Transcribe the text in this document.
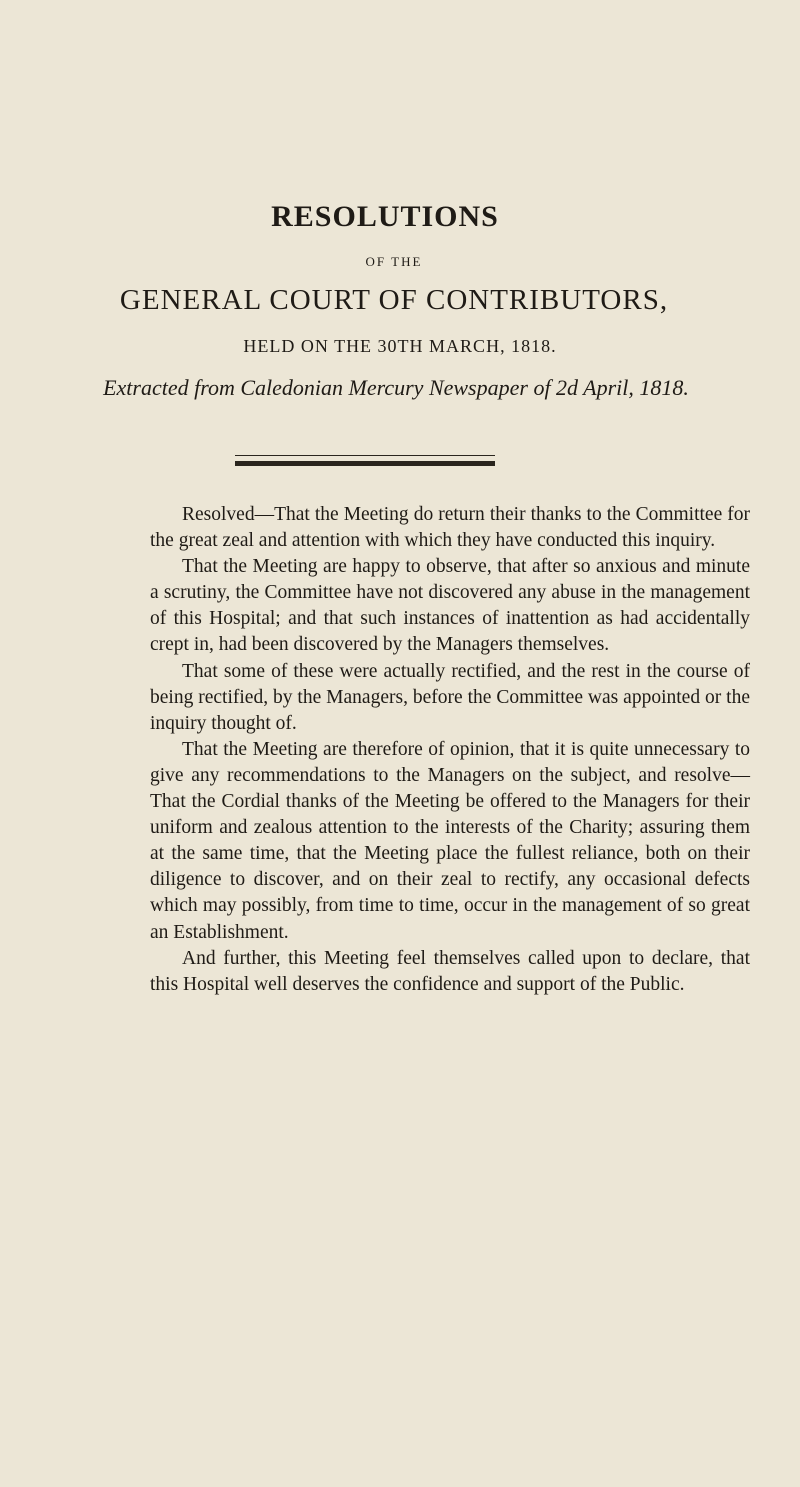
RESOLUTIONS
OF THE
GENERAL COURT OF CONTRIBUTORS,
HELD ON THE 30TH MARCH, 1818.
Extracted from Caledonian Mercury Newspaper of 2d April, 1818.

Resolved—That the Meeting do return their thanks to the Committee for the great zeal and attention with which they have conducted this inquiry.

That the Meeting are happy to observe, that after so anxious and minute a scrutiny, the Committee have not discovered any abuse in the management of this Hospital; and that such instances of inattention as had accidentally crept in, had been discovered by the Managers themselves.

That some of these were actually rectified, and the rest in the course of being rectified, by the Managers, before the Committee was appointed or the inquiry thought of.

That the Meeting are therefore of opinion, that it is quite unnecessary to give any recommendations to the Managers on the subject, and resolve—That the Cordial thanks of the Meeting be offered to the Managers for their uniform and zealous attention to the interests of the Charity; assuring them at the same time, that the Meeting place the fullest reliance, both on their diligence to discover, and on their zeal to rectify, any occasional defects which may possibly, from time to time, occur in the management of so great an Establishment.

And further, this Meeting feel themselves called upon to declare, that this Hospital well deserves the confidence and support of the Public.
